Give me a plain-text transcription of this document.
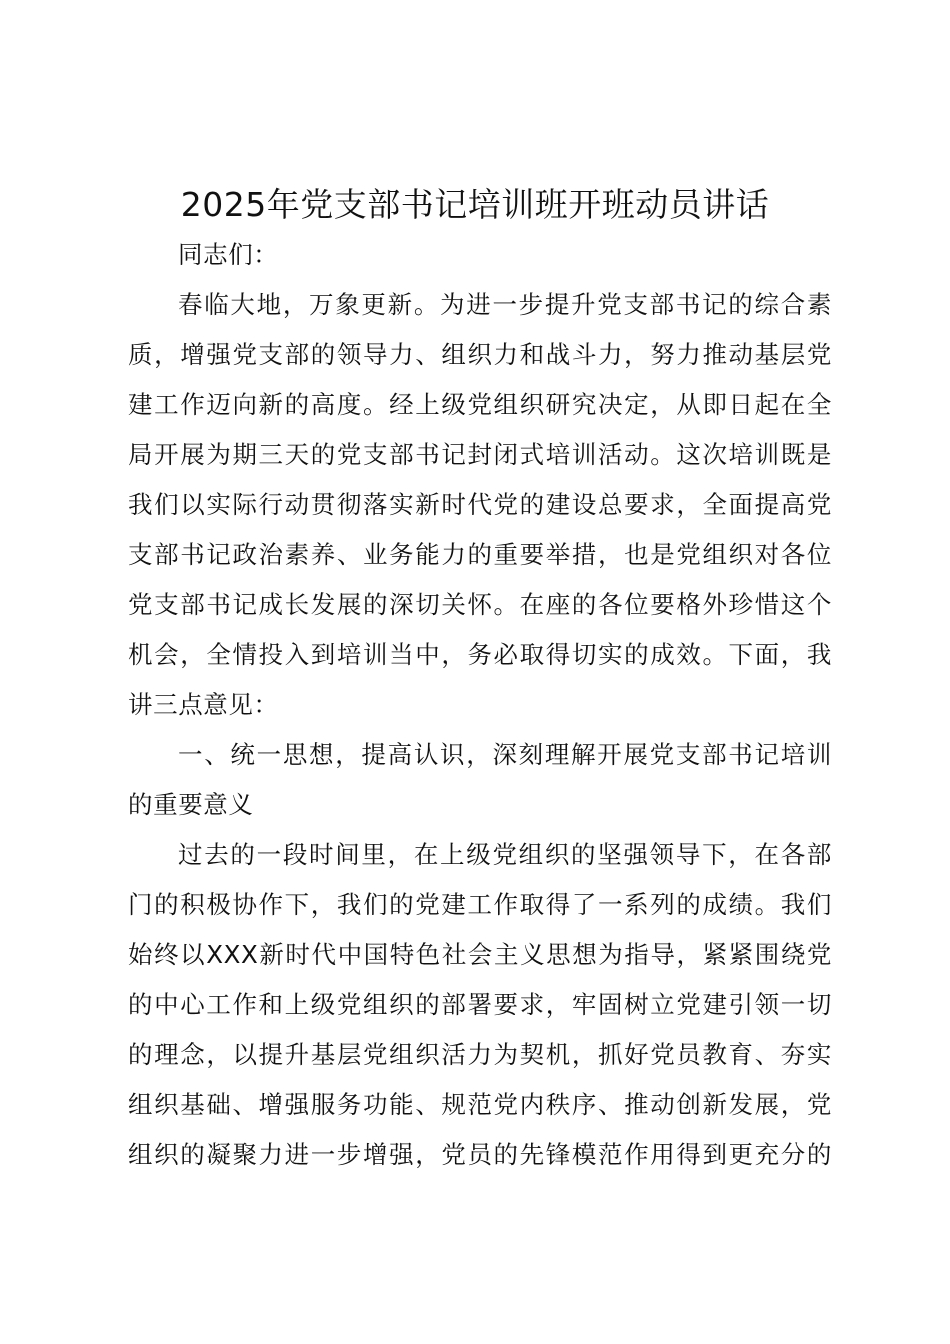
2025年党支部书记培训班开班动员讲话
同志们：
春临大地，万象更新。为进一步提升党支部书记的综合素
质，增强党支部的领导力、组织力和战斗力，努力推动基层党
建工作迈向新的高度。经上级党组织研究决定，从即日起在全
局开展为期三天的党支部书记封闭式培训活动。这次培训既是
我们以实际行动贯彻落实新时代党的建设总要求，全面提高党
支部书记政治素养、业务能力的重要举措，也是党组织对各位
党支部书记成长发展的深切关怀。在座的各位要格外珍惜这个
机会，全情投入到培训当中，务必取得切实的成效。下面，我
讲三点意见：
一、统一思想，提高认识，深刻理解开展党支部书记培训
的重要意义
过去的一段时间里，在上级党组织的坚强领导下，在各部
门的积极协作下，我们的党建工作取得了一系列的成绩。我们
始终以XXX新时代中国特色社会主义思想为指导，紧紧围绕党
的中心工作和上级党组织的部署要求，牢固树立党建引领一切
的理念，以提升基层党组织活力为契机，抓好党员教育、夯实
组织基础、增强服务功能、规范党内秩序、推动创新发展，党
组织的凝聚力进一步增强，党员的先锋模范作用得到更充分的
